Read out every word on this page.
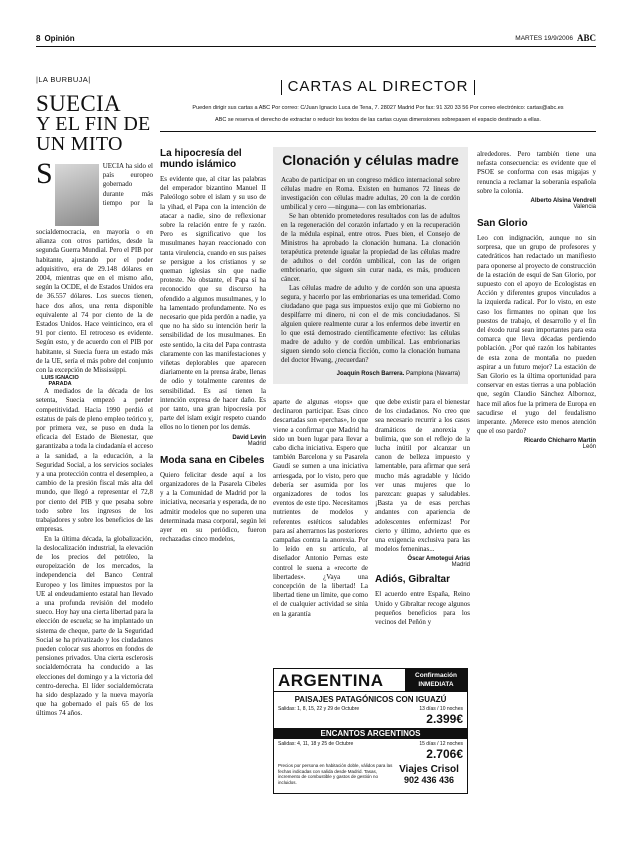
8 Opinión	MARTES 19/9/2006 ABC
|LA BURBUJA|
SUECIA
Y EL FIN DE
UN MITO

S	UECIA ha sido el país europeo gobernado durante más tiempo por la socialdemocracia, en mayoría o en alianza con otros partidos, desde la segunda Guerra Mundial. Pero el PIB por habitante, ajustando por el poder adquisitivo, era de 29.148 dólares en 2004, mientras que en el mismo año, según la OCDE, el de Estados Unidos era de 36.557 dólares. Los suecos tienen, hace dos años, una renta disponible equivalente al 74 por ciento de la de Estados Unidos. Hace veinticinco, era el 91 por ciento. El retroceso es evidente. Según esto, y de acuerdo con el PIB por habitante, si Suecia fuera un estado más de la UE, sería el más pobre del conjunto con la excepción de Mississippi.

LUIS IGNACIO PARADA

A mediados de la década de los setenta, Suecia empezó a perder competitividad. Hacia 1990 perdió el estatus de país de pleno empleo teórico y, por primera vez, se puso en duda la eficacia del Estado de Bienestar, que garantizaba a toda la ciudadanía el acceso a la sanidad, a la educación, a la Seguridad Social, a los servicios sociales y a una protección contra el desempleo, a cambio de la presión fiscal más alta del mundo, que llegó a representar el 72,8 por ciento del PIB y que pesaba sobre todo sobre los ingresos de los trabajadores y sobre los beneficios de las empresas.

En la última década, la globalización, la deslocalización industrial, la elevación de los precios del petróleo, la europeización de los mercados, la independencia del Banco Central Europeo y los límites impuestos por la UE al endeudamiento estatal han llevado a una profunda revisión del modelo sueco. Hoy hay una cierta libertad para la elección de escuela; se ha implantado un sistema de cheque, parte de la Seguridad Social se ha privatizado y los ciudadanos pueden colocar sus ahorros en fondos de pensiones privados. Una cierta esclerosis socialdemócrata ha conducido a las elecciones del domingo y a la victoria del centro-derecha. El líder socialdemócrata ha sido desplazado y la nueva mayoría que ha gobernado el país 65 de los últimos 74 años.

CARTAS AL DIRECTOR
Pueden dirigir sus cartas a ABC Por correo: C/Juan Ignacio Luca de Tena, 7. 28027 Madrid Por fax: 91 320 33 56 Por correo electrónico: cartas@abc.es
ABC se reserva el derecho de extractar o reducir los textos de las cartas cuyas dimensiones sobrepasen el espacio destinado a ellas.
La hipocresía del mundo islámico

Es evidente que, al citar las palabras del emperador bizantino Manuel II Paleólogo sobre el islam y su uso de la yihad, el Papa con la intención de atacar a nadie, sino de reflexionar sobre la relación entre fe y razón. Pero es significativo que los musulmanes hayan reaccionado con tanta virulencia, cuando en sus países se persigue a los cristianos y se queman iglesias sin que nadie proteste. No obstante, el Papa sí ha reconocido que su discurso ha ofendido a algunos musulmanes, y lo ha lamentado profundamente. No es necesario que pida perdón a nadie, ya que no ha sido su intención herir la sensibilidad de los musulmanes. En este sentido, la cita del Papa contrasta claramente con las manifestaciones y viñetas deplorables que aparecen diariamente en la prensa árabe, llenas de odio y totalmente carentes de sensibilidad. Es así tienen la intención expresa de hacer daño. Es por tanto, una gran hipocresía por parte del islam exigir respeto cuando ellos no lo tienen por los demás.

David Levin
Madrid
Moda sana en Cibeles

Quiero felicitar desde aquí a los organizadores de la Pasarela Cibeles y a la Comunidad de Madrid por la iniciativa, necesaria y esperada, de no admitir modelos que no superen una determinada masa corporal, según lei ayer en su periódico, fueron rechazadas cinco modelos,

Clonación y células madre

Acabo de participar en un congreso médico internacional sobre células madre en Roma. Existen en humanos 72 líneas de investigación con células madre adultas, 20 con la de cordón umbilical y cero —ninguna— con las embrionarias.

Se han obtenido prometedores resultados con las de adultos en la regeneración del corazón infartado y en la recuperación de la médula espinal, entre otros. Pues bien, el Consejo de Ministros ha aprobado la clonación humana. La clonación terapéutica pretende igualar la propiedad de las células madre de adultos o del cordón umbilical, con las de origen embrionario, que siguen sin curar nada, es más, producen cáncer.

Las células madre de adulto y de cordón son una apuesta segura, y hacerlo por las embrionarias es una temeridad. Como ciudadano que paga sus impuestos exijo que mi Gobierno no despilfarre mi dinero, ni con el de mis conciudadanos. Si alguien quiere realmente curar a los enfermos debe invertir en lo que está demostrado científicamente efectivo: las células madre de adulto y de cordón umbilical. Las embrionarias siguen siendo solo ciencia ficción, como la clonación humana del doctor Hwang, ¿recuerdan?

Joaquín Rosch Barrera. Pamplona (Navarra)

aparte de algunas «tops» que declinaron participar. Esas cinco descartadas son «perchas», lo que viene a confirmar que Madrid ha sido un buen lugar para llevar a cabo dicha iniciativa. Espero que también Barcelona y su Pasarela Gaudí se sumen a una iniciativa arriesgada, por lo visto, pero que debería ser asumida por los organizadores de todos los eventos de este tipo. Necesitamos nutrientes de modelos y referentes estéticos saludables para así aherrarnos las posteriores campañas contra la anorexia. Por lo leído en su artículo, al diseñador Antonio Pernas este control le suena a «recorte de libertades». ¿Vaya una concepción de la libertad! La libertad tiene un límite, que como el de cualquier actividad se sitúa en la garantía

que debe existir para el bienestar de los ciudadanos. No creo que sea necesario recurrir a los casos dramáticos de anorexia y bulimia, que son el reflejo de la lucha inútil por alcanzar un canon de belleza impuesto y lamentable, para afirmar que será mucho más agradable y lúcido ver unas mujeres que lo parezcan: guapas y saludables. ¡Basta ya de esas perchas andantes con apariencia de adolescentes enfermizas! Por cierto y último, advierto que es una exigencia exclusiva para las modelos femeninas...

Óscar Amotegui Arias
Madrid
Adiós, Gibraltar

El acuerdo entre España, Reino Unido y Gibraltar recoge algunos pequeños beneficios para los vecinos del Peñón y

alrededores. Pero también tiene una nefasta consecuencia: es evidente que el PSOE se conforma con esas migajas y renuncia a reclamar la soberanía española sobre la colonia.

Alberto Alsina Vendrell
Valencia
San Glorio

Leo con indignación, aunque no sin sorpresa, que un grupo de profesores y catedráticos han redactado un manifiesto para oponerse al proyecto de construcción de la estación de esquí de San Glorio, por supuesto con el apoyo de Ecologistas en Acción y diferentes grupos vinculados a la izquierda radical. Por lo visto, en este caso los firmantes no opinan que los puestos de trabajo, el desarrollo y el fin del éxodo rural sean importantes para esta comarca que lleva décadas perdiendo población. ¿Por qué razón los habitantes de esta zona de montaña no pueden aspirar a un futuro mejor? La estación de San Glorio es la última oportunidad para conservar en estas tierras a una población que, según Claudio Sánchez Albornoz, hace mil años fue la primera de Europa en sacudirse el yugo del feudalismo imperante. ¿Merece esto menos atención que el oso pardo?

Ricardo Chicharro Martín
León
ARGENTINA	Confirmación INMEDIATA
PAISAJES PATAGÓNICOS CON IGUAZÚ
Salidas: 1, 8, 15, 22 y 29 de Octubre	13 días / 10 noches
2.399€
ENCANTOS ARGENTINOS
Salidas: 4, 11, 18 y 25 de Octubre	15 días / 12 noches
2.706€
Precios por persona en habitación doble, válidos para las fechas indicadas con salida desde Madrid. Tasas, incremento de combustible y gastos de gestión no incluidos.
Viajes Crisol
902 436 436
